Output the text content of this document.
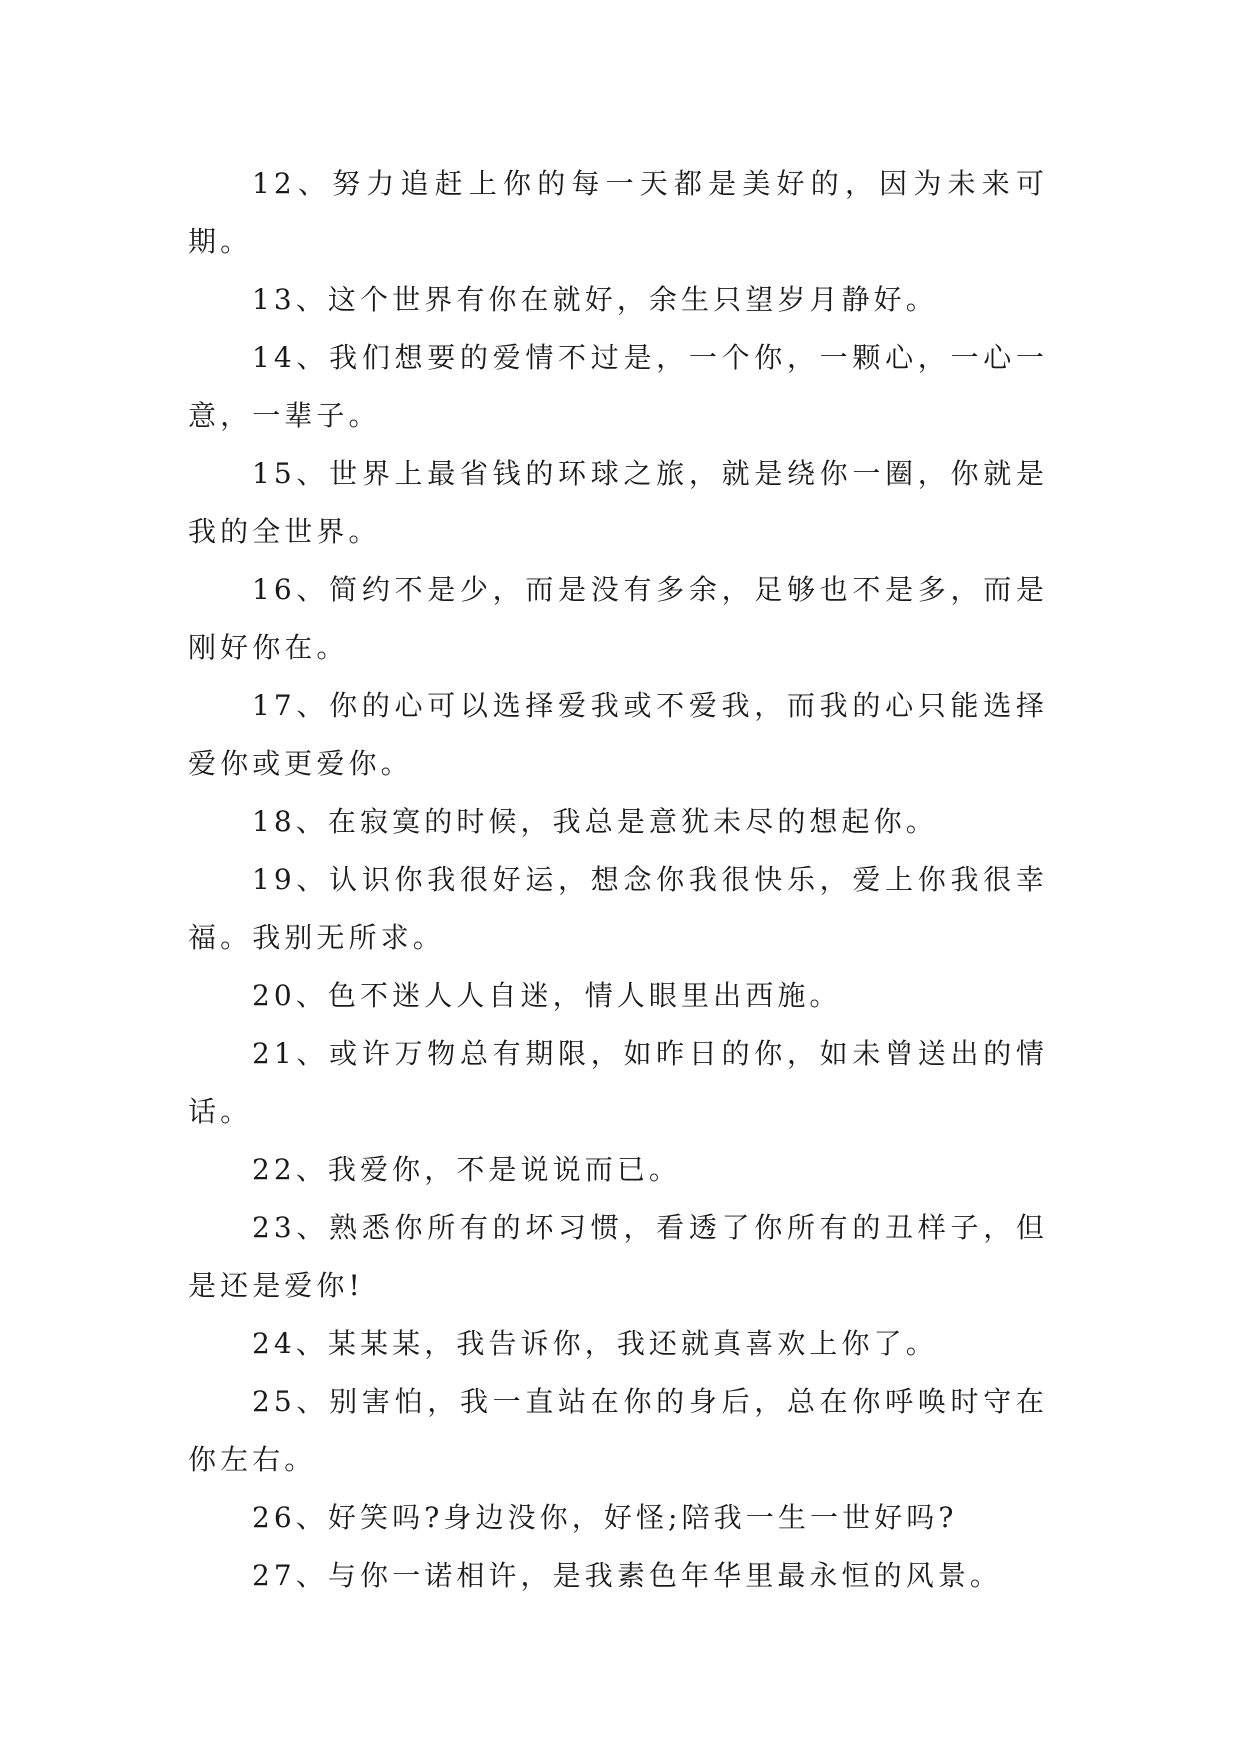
12、努力追赶上你的每一天都是美好的，因为未来可期。

13、这个世界有你在就好，余生只望岁月静好。

14、我们想要的爱情不过是，一个你，一颗心，一心一意，一辈子。

15、世界上最省钱的环球之旅，就是绕你一圈，你就是我的全世界。

16、简约不是少，而是没有多余，足够也不是多，而是刚好你在。

17、你的心可以选择爱我或不爱我，而我的心只能选择爱你或更爱你。

18、在寂寞的时候，我总是意犹未尽的想起你。

19、认识你我很好运，想念你我很快乐，爱上你我很幸福。我别无所求。

20、色不迷人人自迷，情人眼里出西施。

21、或许万物总有期限，如昨日的你，如未曾送出的情话。

22、我爱你，不是说说而已。

23、熟悉你所有的坏习惯，看透了你所有的丑样子，但是还是爱你!

24、某某某，我告诉你，我还就真喜欢上你了。

25、别害怕，我一直站在你的身后，总在你呼唤时守在你左右。

26、好笑吗?身边没你，好怪;陪我一生一世好吗?

27、与你一诺相许，是我素色年华里最永恒的风景。
